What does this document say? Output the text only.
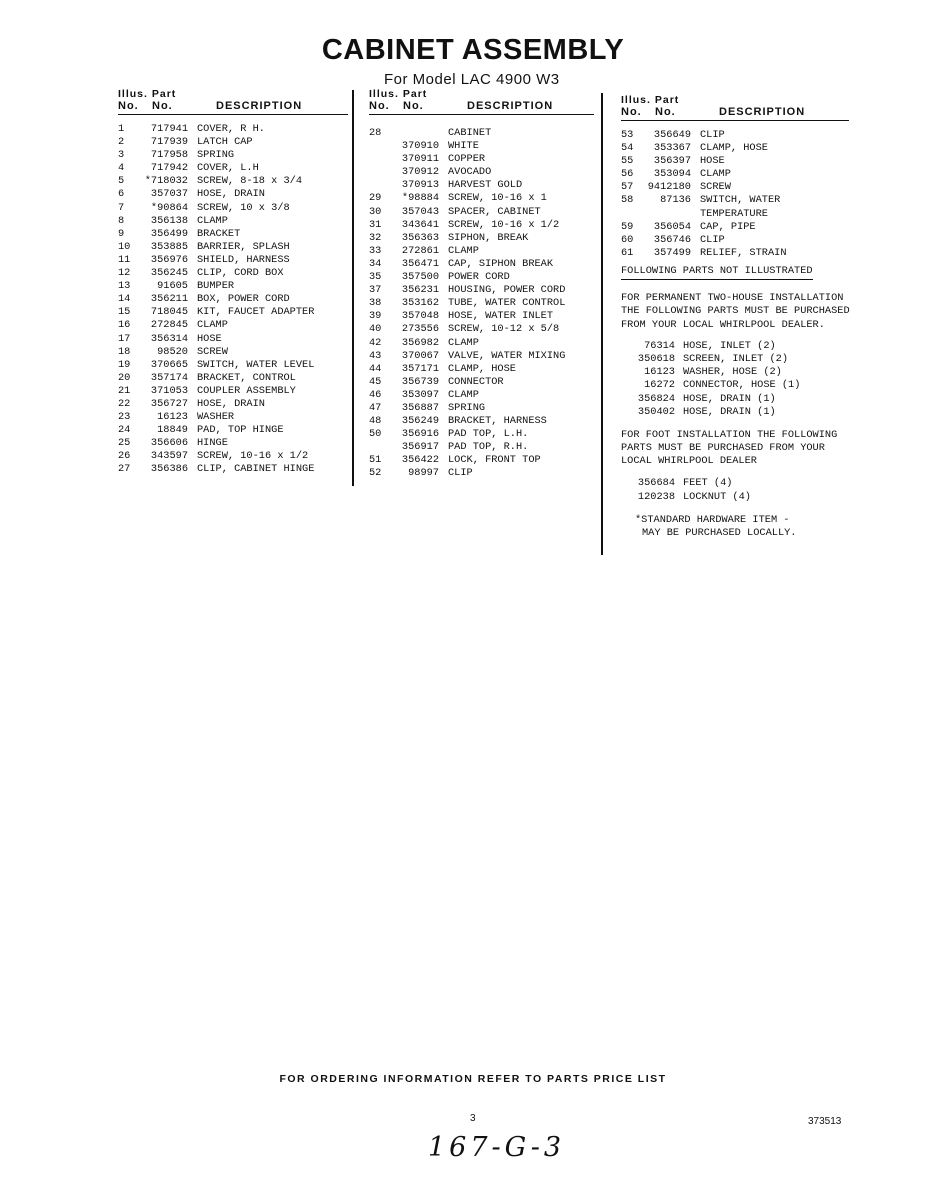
CABINET ASSEMBLY
For Model LAC 4900 W3
Illus. Part
No.	No.	DESCRIPTION
1	717941 COVER, R H.
2	717939 LATCH CAP
3	717958 SPRING
4	717942 COVER, L.H
5	*718032 SCREW, 8-18 x 3/4
6	357037 HOSE, DRAIN
7	*90864 SCREW, 10 x 3/8
8	356138 CLAMP
9	356499 BRACKET
10	353885 BARRIER, SPLASH
11	356976 SHIELD, HARNESS
12	356245 CLIP, CORD BOX
13	91605 BUMPER
14	356211 BOX, POWER CORD
15	718045 KIT, FAUCET ADAPTER
16	272845 CLAMP
17	356314 HOSE
18	98520 SCREW
19	370665 SWITCH, WATER LEVEL
20	357174 BRACKET, CONTROL
21	371053 COUPLER ASSEMBLY
22	356727 HOSE, DRAIN
23	16123 WASHER
24	18849 PAD, TOP HINGE
25	356606 HINGE
26	343597 SCREW, 10-16 x 1/2
27	356386 CLIP, CABINET HINGE
Illus. Part
No.	No.	DESCRIPTION
28	CABINET
370910 WHITE
370911 COPPER
370912 AVOCADO
370913 HARVEST GOLD
29	*98884 SCREW, 10-16 x 1
30	357043 SPACER, CABINET
31	343641 SCREW, 10-16 x 1/2
32	356363 SIPHON, BREAK
33	272861 CLAMP
34	356471 CAP, SIPHON BREAK
35	357500 POWER CORD
37	356231 HOUSING, POWER CORD
38	353162 TUBE, WATER CONTROL
39	357048 HOSE, WATER INLET
40	273556 SCREW, 10-12 x 5/8
42	356982 CLAMP
43	370067 VALVE, WATER MIXING
44	357171 CLAMP, HOSE
45	356739 CONNECTOR
46	353097 CLAMP
47	356887 SPRING
48	356249 BRACKET, HARNESS
50	356916 PAD TOP, L.H.
356917 PAD TOP, R.H.
51	356422 LOCK, FRONT TOP
52	98997 CLIP
Illus. Part
No.	No.	DESCRIPTION
53	356649 CLIP
54	353367 CLAMP, HOSE
55	356397 HOSE
56	353094 CLAMP
57	9412180 SCREW
58	87136 SWITCH, WATER
TEMPERATURE
59	356054 CAP, PIPE
60	356746 CLIP
61	357499 RELIEF, STRAIN
FOLLOWING PARTS NOT ILLUSTRATED
FOR PERMANENT TWO-HOUSE INSTALLATION
THE FOLLOWING PARTS MUST BE PURCHASED
FROM YOUR LOCAL WHIRLPOOL DEALER.
76314 HOSE, INLET (2)
350618 SCREEN, INLET (2)
16123 WASHER, HOSE (2)
16272 CONNECTOR, HOSE (1)
356824 HOSE, DRAIN (1)
350402 HOSE, DRAIN (1)
FOR FOOT INSTALLATION THE FOLLOWING
PARTS MUST BE PURCHASED FROM YOUR
LOCAL WHIRLPOOL DEALER
356684 FEET (4)
120238 LOCKNUT (4)
*STANDARD HARDWARE ITEM -
MAY BE PURCHASED LOCALLY.
FOR ORDERING INFORMATION REFER TO PARTS PRICE LIST
3	373513
167-G-3
